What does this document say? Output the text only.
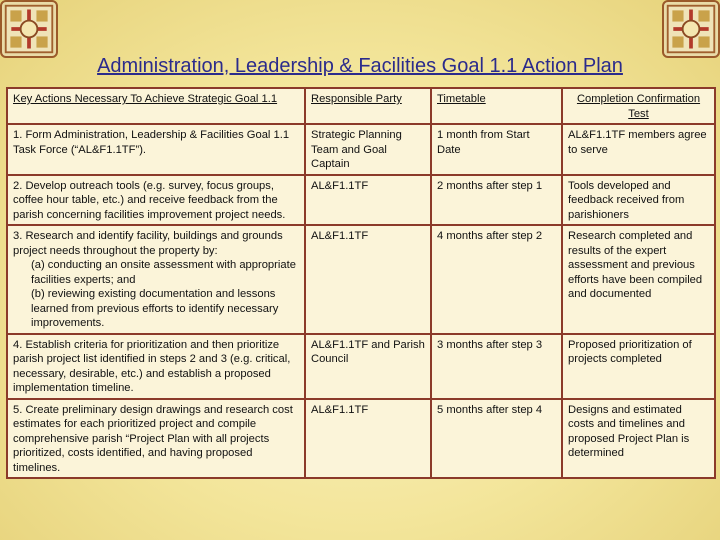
Administration, Leadership & Facilities Goal 1.1 Action Plan
Key Actions Necessary To Achieve Strategic Goal 1.1	Responsible Party	Timetable	Completion Confirmation Test
1. Form Administration, Leadership & Facilities Goal 1.1 Task Force (“AL&F1.1TF”).	Strategic Planning Team and Goal Captain	1 month from Start Date	AL&F1.1TF members agree to serve
2. Develop outreach tools (e.g. survey, focus groups, coffee hour table, etc.) and receive feedback from the parish concerning facilities improvement project needs.	AL&F1.1TF	2 months after step 1	Tools developed and feedback received from parishioners
3. Research and identify facility, buildings and grounds project needs throughout the property by:
(a) conducting an onsite assessment with appropriate facilities experts; and
(b) reviewing existing documentation and lessons learned from previous efforts to identify necessary improvements.	AL&F1.1TF	4 months after step 2	Research completed and results of the expert assessment and previous efforts have been compiled and documented
4. Establish criteria for prioritization and then prioritize parish project list identified in steps 2 and 3 (e.g. critical, necessary, desirable, etc.) and establish a proposed implementation timeline.	AL&F1.1TF and Parish Council	3 months after step 3	Proposed prioritization of projects completed
5. Create preliminary design drawings and research cost estimates for each prioritized project and compile comprehensive parish “Project Plan with all projects prioritized, costs identified, and having proposed timelines.	AL&F1.1TF	5 months after step 4	Designs and estimated costs and timelines and proposed Project Plan is determined
